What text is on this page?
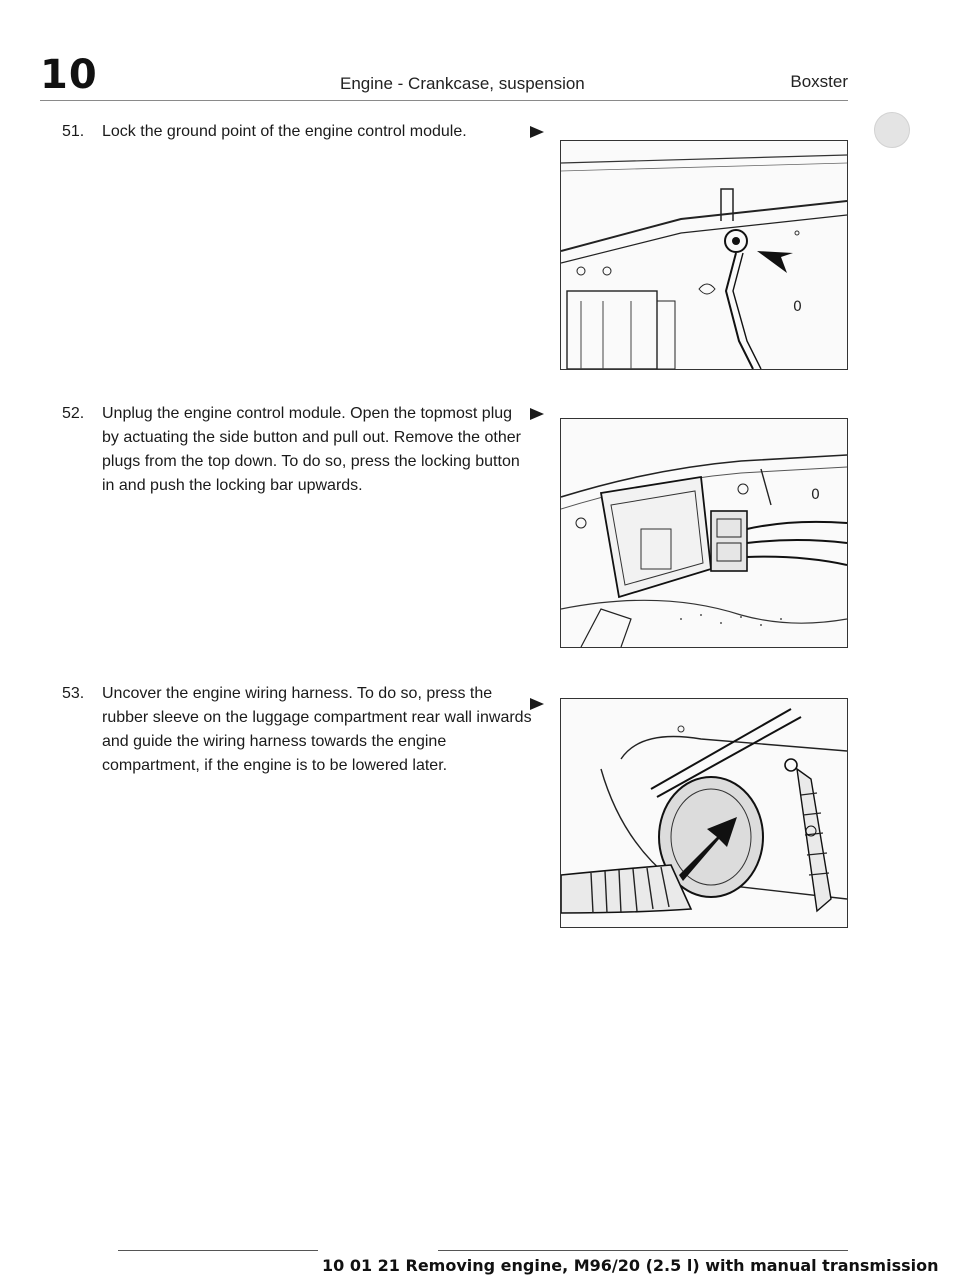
10	Engine - Crankcase, suspension	Boxster
51.	Lock the ground point of the engine control module.
0
52.	Unplug the engine control module. Open the topmost plug by actuating the side button and pull out. Remove the other plugs from the top down. To do so, press the locking button in and push the locking bar upwards.
0
53.	Uncover the engine wiring harness. To do so, press the rubber sleeve on the luggage compartment rear wall inwards and guide the wiring harness towards the engine compartment, if the engine is to be lowered later.
10 01 21 Removing engine, M96/20 (2.5 l) with manual transmission
